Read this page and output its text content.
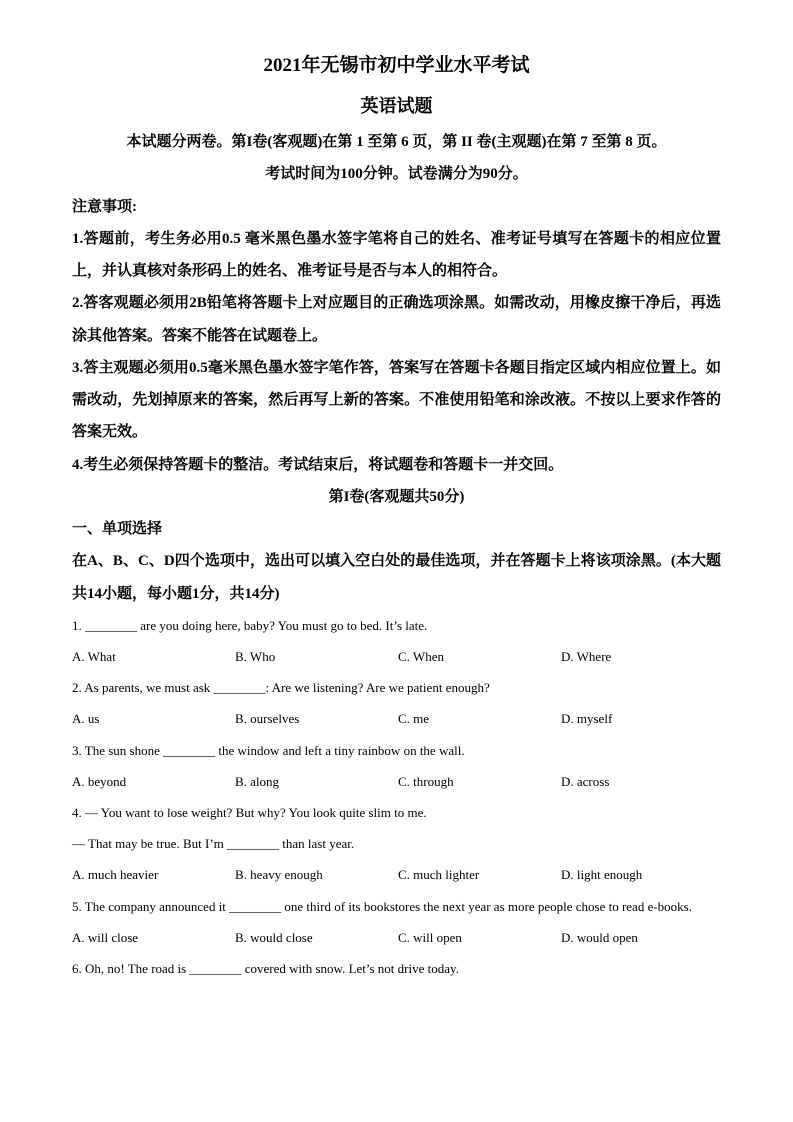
2021年无锡市初中学业水平考试
英语试题

本试题分两卷。第I卷(客观题)在第 1 至第 6 页，第 II 卷(主观题)在第 7 至第 8 页。

考试时间为100分钟。试卷满分为90分。

注意事项:

1.答题前，考生务必用0.5 毫米黑色墨水签字笔将自己的姓名、准考证号填写在答题卡的相应位置上，并认真核对条形码上的姓名、准考证号是否与本人的相符合。

2.答客观题必须用2B铅笔将答题卡上对应题目的正确选项涂黑。如需改动，用橡皮擦干净后，再选涂其他答案。答案不能答在试题卷上。

3.答主观题必须用0.5毫米黑色墨水签字笔作答，答案写在答题卡各题目指定区域内相应位置上。如需改动，先划掉原来的答案，然后再写上新的答案。不准使用铅笔和涂改液。不按以上要求作答的答案无效。

4.考生必须保持答题卡的整洁。考试结束后，将试题卷和答题卡一并交回。

第I卷(客观题共50分)

一、单项选择

在A、B、C、D四个选项中，选出可以填入空白处的最佳选项，并在答题卡上将该项涂黑。(本大题共14小题，每小题1分，共14分)

1. ________ are you doing here, baby? You must go to bed. It’s late.

A. What	B. Who	C. When	D. Where

2. As parents, we must ask ________: Are we listening? Are we patient enough?

A. us	B. ourselves	C. me	D. myself

3. The sun shone ________ the window and left a tiny rainbow on the wall.

A. beyond	B. along	C. through	D. across

4. — You want to lose weight? But why? You look quite slim to me.

— That may be true. But I’m ________ than last year.

A. much heavier	B. heavy enough	C. much lighter	D. light enough

5. The company announced it ________ one third of its bookstores the next year as more people chose to read e-books.

A. will close	B. would close	C. will open	D. would open

6. Oh, no! The road is ________ covered with snow. Let’s not drive today.
